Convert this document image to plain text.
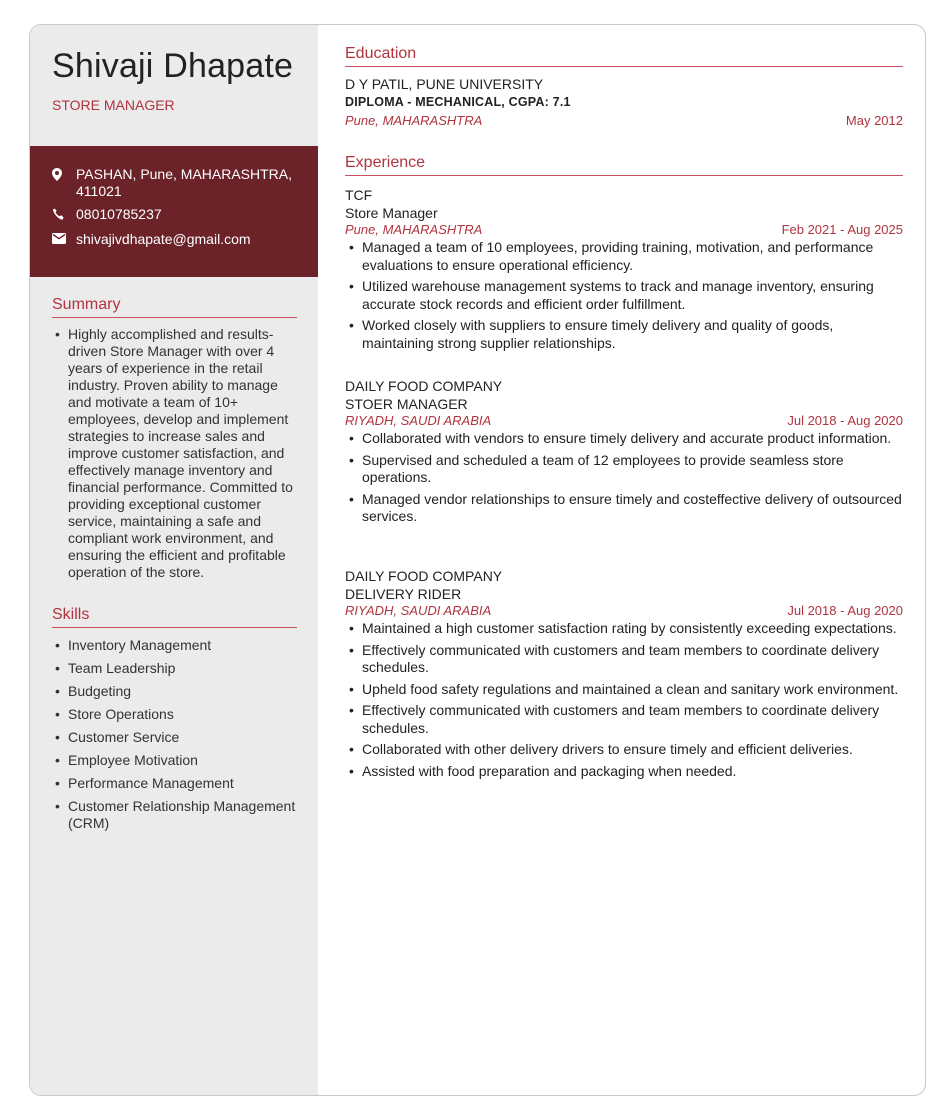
Shivaji Dhapate
STORE MANAGER
PASHAN, Pune, MAHARASHTRA, 411021
08010785237
shivajivdhapate@gmail.com
Summary
• Highly accomplished and results-driven Store Manager with over 4 years of experience in the retail industry. Proven ability to manage and motivate a team of 10+ employees, develop and implement strategies to increase sales and improve customer satisfaction, and effectively manage inventory and financial performance. Committed to providing exceptional customer service, maintaining a safe and compliant work environment, and ensuring the efficient and profitable operation of the store.
Skills
• Inventory Management
• Team Leadership
• Budgeting
• Store Operations
• Customer Service
• Employee Motivation
• Performance Management
• Customer Relationship Management (CRM)
Education
D Y PATIL, PUNE UNIVERSITY
DIPLOMA - MECHANICAL, CGPA: 7.1
Pune, MAHARASHTRA	May 2012
Experience
TCF
Store Manager
Pune, MAHARASHTRA	Feb 2021 - Aug 2025
• Managed a team of 10 employees, providing training, motivation, and performance evaluations to ensure operational efficiency.
• Utilized warehouse management systems to track and manage inventory, ensuring accurate stock records and efficient order fulfillment.
• Worked closely with suppliers to ensure timely delivery and quality of goods, maintaining strong supplier relationships.
DAILY FOOD COMPANY
STOER MANAGER
RIYADH, SAUDI ARABIA	Jul 2018 - Aug 2020
• Collaborated with vendors to ensure timely delivery and accurate product information.
• Supervised and scheduled a team of 12 employees to provide seamless store operations.
• Managed vendor relationships to ensure timely and costeffective delivery of outsourced services.
DAILY FOOD COMPANY
DELIVERY RIDER
RIYADH, SAUDI ARABIA	Jul 2018 - Aug 2020
• Maintained a high customer satisfaction rating by consistently exceeding expectations.
• Effectively communicated with customers and team members to coordinate delivery schedules.
• Upheld food safety regulations and maintained a clean and sanitary work environment.
• Effectively communicated with customers and team members to coordinate delivery schedules.
• Collaborated with other delivery drivers to ensure timely and efficient deliveries.
• Assisted with food preparation and packaging when needed.
